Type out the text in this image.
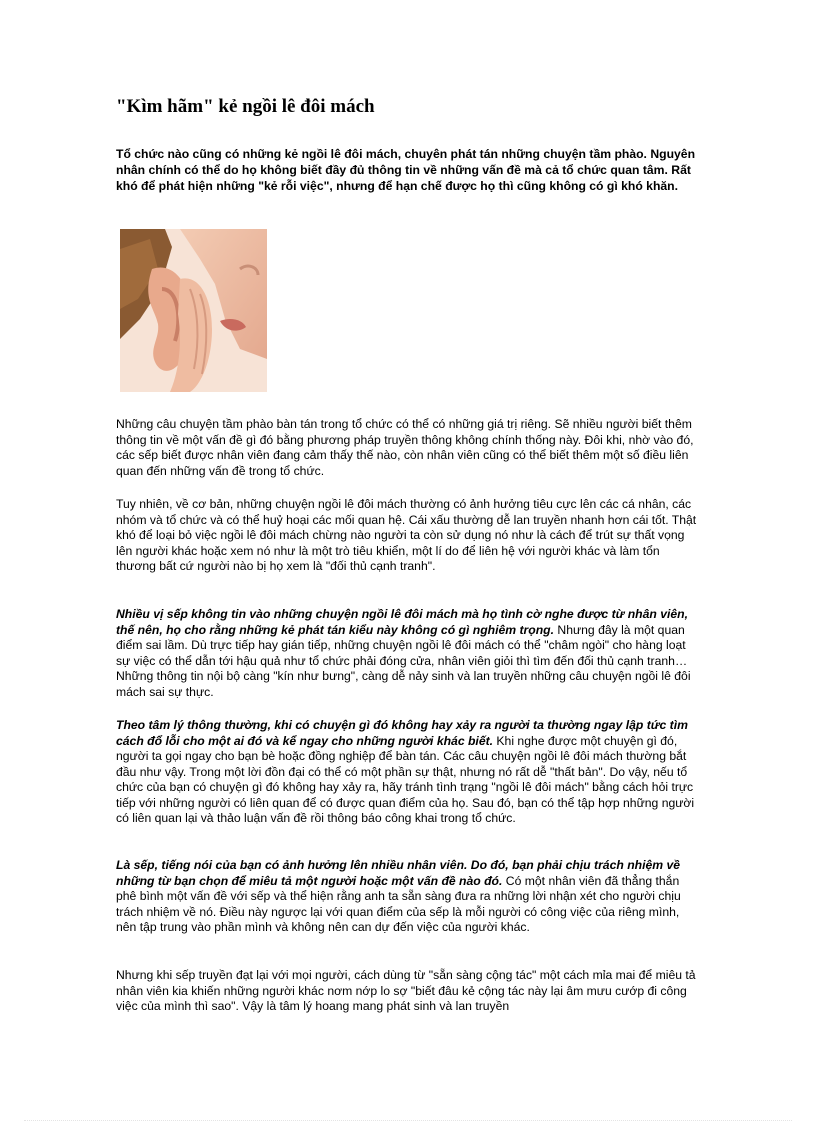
"Kìm hãm" kẻ ngồi lê đôi mách

Tổ chức nào cũng có những kẻ ngồi lê đôi mách, chuyên phát tán những chuyện tầm phào. Nguyên nhân chính có thể do họ không biết đầy đủ thông tin về những vấn đề mà cả tổ chức quan tâm. Rất khó để phát hiện những "kẻ rỗi việc", nhưng để hạn chế được họ thì cũng không có gì khó khăn.

Những câu chuyện tầm phào bàn tán trong tổ chức có thể có những giá trị riêng. Sẽ nhiều người biết thêm thông tin về một vấn đề gì đó bằng phương pháp truyền thông không chính thống này. Đôi khi, nhờ vào đó, các sếp biết được nhân viên đang cảm thấy thế nào, còn nhân viên cũng có thể biết thêm một số điều liên quan đến những vấn đề trong tổ chức.

Tuy nhiên, về cơ bản, những chuyện ngồi lê đôi mách thường có ảnh hưởng tiêu cực lên các cá nhân, các nhóm và tổ chức và có thể huỷ hoại các mối quan hệ. Cái xấu thường dễ lan truyền nhanh hơn cái tốt. Thật khó để loại bỏ việc ngồi lê đôi mách chừng nào người ta còn sử dụng nó như là cách để trút sự thất vọng lên người khác hoặc xem nó như là một trò tiêu khiển, một lí do để liên hệ với người khác và làm tổn thương bất cứ người nào bị họ xem là "đối thủ cạnh tranh".

Nhiều vị sếp không tin vào những chuyện ngồi lê đôi mách mà họ tình cờ nghe được từ nhân viên, thế nên, họ cho rằng những kẻ phát tán kiểu này không có gì nghiêm trọng. Nhưng đây là một quan điểm sai lầm. Dù trực tiếp hay gián tiếp, những chuyện ngồi lê đôi mách có thể "châm ngòi" cho hàng loạt sự việc có thể dẫn tới hậu quả như tổ chức phải đóng cửa, nhân viên giỏi thì tìm đến đối thủ cạnh tranh…Những thông tin nội bộ càng "kín như bưng", càng dễ nảy sinh và lan truyền những câu chuyện ngồi lê đôi mách sai sự thực.

Theo tâm lý thông thường, khi có chuyện gì đó không hay xảy ra người ta thường ngay lập tức tìm cách đổ lỗi cho một ai đó và kể ngay cho những người khác biết. Khi nghe được một chuyện gì đó, người ta gọi ngay cho bạn bè hoặc đồng nghiệp để bàn tán. Các câu chuyện ngồi lê đôi mách thường bắt đầu như vậy. Trong một lời đồn đại có thể có một phần sự thật, nhưng nó rất dễ "thất bản". Do vậy, nếu tổ chức của bạn có chuyện gì đó không hay xảy ra, hãy tránh tình trạng "ngồi lê đôi mách" bằng cách hỏi trực tiếp với những người có liên quan để có được quan điểm của họ. Sau đó, bạn có thể tập hợp những người có liên quan lại và thảo luận vấn đề rồi thông báo công khai trong tổ chức.

Là sếp, tiếng nói của bạn có ảnh hưởng lên nhiều nhân viên. Do đó, bạn phải chịu trách nhiệm về những từ bạn chọn để miêu tả một người hoặc một vấn đề nào đó. Có một nhân viên đã thẳng thắn phê bình một vấn đề với sếp và thể hiện rằng anh ta sẵn sàng đưa ra những lời nhận xét cho người chịu trách nhiệm về nó. Điều này ngược lại với quan điểm của sếp là mỗi người có công việc của riêng mình, nên tập trung vào phần mình và không nên can dự đến việc của người khác.

Nhưng khi sếp truyền đạt lại với mọi người, cách dùng từ "sẵn sàng cộng tác" một cách mỉa mai để miêu tả nhân viên kia khiến những người khác nơm nớp lo sợ "biết đâu kẻ cộng tác này lại âm mưu cướp đi công việc của mình thì sao". Vậy là tâm lý hoang mang phát sinh và lan truyền
